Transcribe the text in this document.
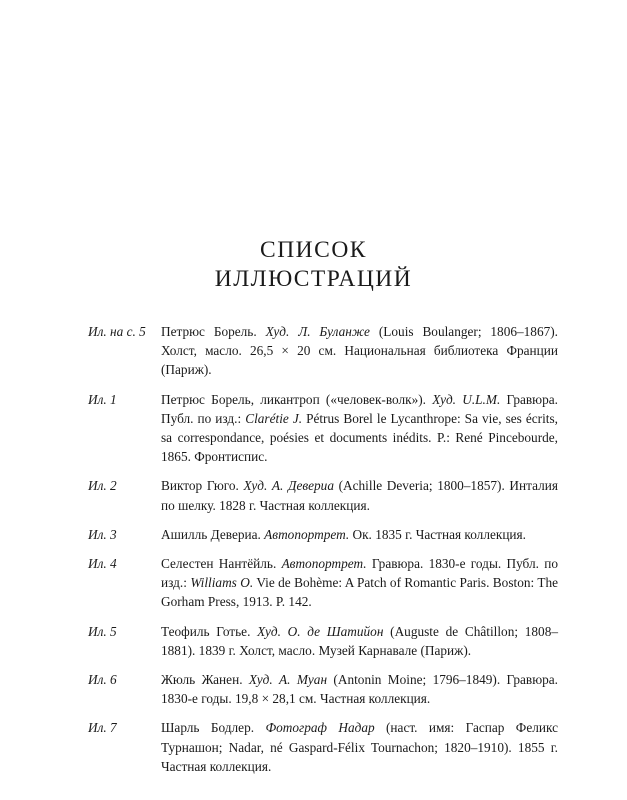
СПИСОК
ИЛЛЮСТРАЦИЙ
Ил. на с. 5 Петрюс Борель. Худ. Л. Буланже (Louis Boulanger; 1806–1867). Холст, масло. 26,5 × 20 см. Национальная библиотека Франции (Париж).
Ил. 1	Петрюс Борель, ликантроп («человек-волк»). Худ. U.L.M. Гравюра. Публ. по изд.: Clarétie J. Pétrus Borel le Lycanthrope: Sa vie, ses écrits, sa correspondance, poésies et documents inédits. P.: René Pincebourde, 1865. Фронтиспис.
Ил. 2	Виктор Гюго. Худ. А. Девериа (Achille Deveria; 1800–1857). Инталия по шелку. 1828 г. Частная коллекция.
Ил. 3	Ашилль Девериа. Автопортрет. Ок. 1835 г. Частная коллекция.
Ил. 4	Селестен Нантёйль. Автопортрет. Гравюра. 1830-е годы. Публ. по изд.: Williams O. Vie de Bohème: A Patch of Romantic Paris. Boston: The Gorham Press, 1913. P. 142.
Ил. 5	Теофиль Готье. Худ. О. де Шатийон (Auguste de Châtillon; 1808–1881). 1839 г. Холст, масло. Музей Карнавале (Париж).
Ил. 6	Жюль Жанен. Худ. А. Муан (Antonin Moine; 1796–1849). Гравюра. 1830-е годы. 19,8 × 28,1 см. Частная коллекция.
Ил. 7	Шарль Бодлер. Фотограф Надар (наст. имя: Гаспар Феликс Турнашон; Nadar, né Gaspard-Félix Tournachon; 1820–1910). 1855 г. Частная коллекция.
